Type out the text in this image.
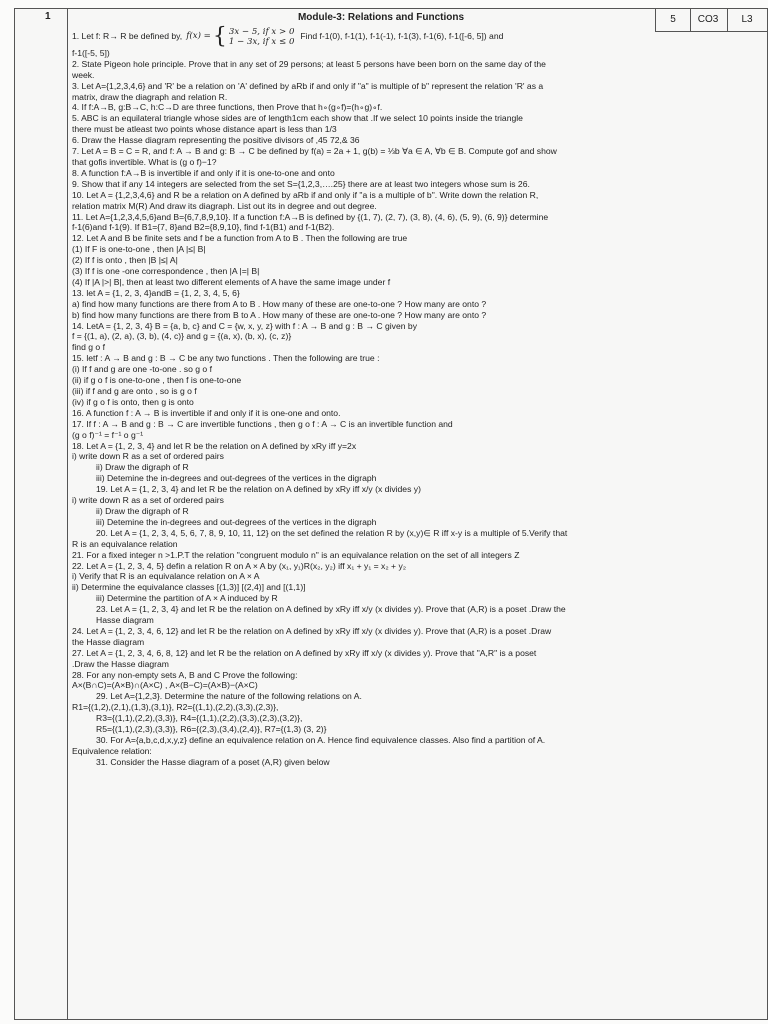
1	5	CO3	L3
Module-3: Relations and Functions
1. Let f: R→ R be defined by, f(x) = { 3x − 5, if x > 0
1 − 3x, if x ≤ 0
Find f-1(0), f-1(1), f-1(-1), f-1(3), f-1(6), f-1([-6, 5]) and
f-1([-5, 5])
2. State Pigeon hole principle. Prove that in any set of 29 persons; at least 5 persons have been born on the same day of the
week.
3. Let A={1,2,3,4,6} and 'R' be a relation on 'A' defined by aRb if and only if "a" is multiple of b" represent the relation 'R' as a
matrix, draw the diagraph and relation R.
4. If f:A→B, g:B→C, h:C→D are three functions, then Prove that h∘(g∘f)=(h∘g)∘f.
5. ABC is an equilateral triangle whose sides are of length1cm each show that .If we select 10 points inside the triangle
there must be atleast two points whose distance apart is less than 1/3
6. Draw the Hasse diagram representing the positive divisors of ,45 72,& 36
7. Let A = B = C = R, and f: A → B and g: B → C be defined by f(a) = 2a + 1, g(b) = ⅓b ∀a ∈ A, ∀b ∈ B. Compute gof and show
that gofis invertible. What is (g o f)−1?
8. A function f:A→B is invertible if and only if it is one-to-one and onto
9. Show that if any 14 integers are selected from the set S={1,2,3,….25} there are at least two integers whose sum is 26.
10. Let A = {1,2,3,4,6} and R be a relation on A defined by aRb if and only if "a is a multiple of b". Write down the relation R,
relation matrix M(R) And draw its diagraph. List out its in degree and out degree.
11. Let A={1,2,3,4,5,6}and B={6,7,8,9,10}. If a function f:A→B is defined by {(1, 7), (2, 7), (3, 8), (4, 6), (5, 9), (6, 9)} determine
f-1(6)and f-1(9). If B1={7, 8}and B2={8,9,10}, find f-1(B1) and f-1(B2).
12. Let A and B be finite sets and f be a function from A to B . Then the following are true
(1) If F is one-to-one , then |A |≤| B|
(2) If f is onto , then |B |≤| A|
(3) If f is one -one correspondence , then |A |=| B|
(4) If |A |>| B|, then at least two different elements of A have the same image under f
13. let A = {1, 2, 3, 4}andB = {1, 2, 3, 4, 5, 6}
a) find how many functions are there from A to B . How many of these are one-to-one ? How many are onto ?
b) find how many functions are there from B to A . How many of these are one-to-one ? How many are onto ?
14. LetA = {1, 2, 3, 4} B = {a, b, c} and C = {w, x, y, z} with f : A → B and g : B → C given by
f = {(1, a), (2, a), (3, b), (4, c)} and g = {(a, x), (b, x), (c, z)}
find g o f
15. letf : A → B and g : B → C be any two functions . Then the following are true :
(i) If f and g are one -to-one . so g o f
(ii) if g o f is one-to-one , then f is one-to-one
(iii) if f and g are onto , so is g o f
(iv) if g o f is onto, then g is onto
16. A function f : A → B is invertible if and only if it is one-one and onto.
17. If f : A → B and g : B → C are invertible functions , then g o f : A → C is an invertible function and
(g o f)⁻¹ = f⁻¹ o g⁻¹
18. Let A = {1, 2, 3, 4} and let R be the relation on A defined by xRy iff y=2x
i) write down R as a set of ordered pairs
ii) Draw the digraph of R
iii) Detemine the in-degrees and out-degrees of the vertices in the digraph
19. Let A = {1, 2, 3, 4} and let R be the relation on A defined by xRy iff x/y (x divides y)
i) write down R as a set of ordered pairs
ii) Draw the digraph of R
iii) Detemine the in-degrees and out-degrees of the vertices in the digraph
20. Let A = {1, 2, 3, 4, 5, 6, 7, 8, 9, 10, 11, 12} on the set defined the relation R by (x,y)∈ R iff x-y is a multiple of 5.Verify that
R is an equivalance relation
21. For a fixed integer n >1.P.T the relation "congruent modulo n" is an equivalance relation on the set of all integers Z
22. Let A = {1, 2, 3, 4, 5} defin a relation R on A × A by (x₁, y₁)R(x₂, y₂) iff x₁ + y₁ = x₂ + y₂
i) Verify that R is an equivalance relation on A × A
ii) Determine the equivalance classes [(1,3)] [(2,4)] and [(1,1)]
iii) Determine the partition of A × A induced by R
23. Let A = {1, 2, 3, 4} and let R be the relation on A defined by xRy iff x/y (x divides y). Prove that (A,R) is a poset .Draw the
Hasse diagram
24. Let A = {1, 2, 3, 4, 6, 12} and let R be the relation on A defined by xRy iff x/y (x divides y). Prove that (A,R) is a poset .Draw
the Hasse diagram
27. Let A = {1, 2, 3, 4, 6, 8, 12} and let R be the relation on A defined by xRy iff x/y (x divides y). Prove that "A,R" is a poset
.Draw the Hasse diagram
28. For any non-empty sets A, B and C Prove the following:
A×(B∩C)=(A×B)∩(A×C) , A×(B−C)=(A×B)−(A×C)
29. Let A={1,2,3}. Determine the nature of the following relations on A.
R1={(1,2),(2,1),(1,3),(3,1)}, R2={(1,1),(2,2),(3,3),(2,3)},
R3={(1,1),(2,2),(3,3)}, R4={(1,1),(2,2),(3,3),(2,3),(3,2)},
R5={(1,1),(2,3),(3,3)}, R6={(2,3),(3,4),(2,4)}, R7={(1,3) (3, 2)}
30. For A={a,b,c,d,x,y,z} define an equivalence relation on A. Hence find equivalence classes. Also find a partition of A.
Equivalence relation:
31. Consider the Hasse diagram of a poset (A,R) given below
